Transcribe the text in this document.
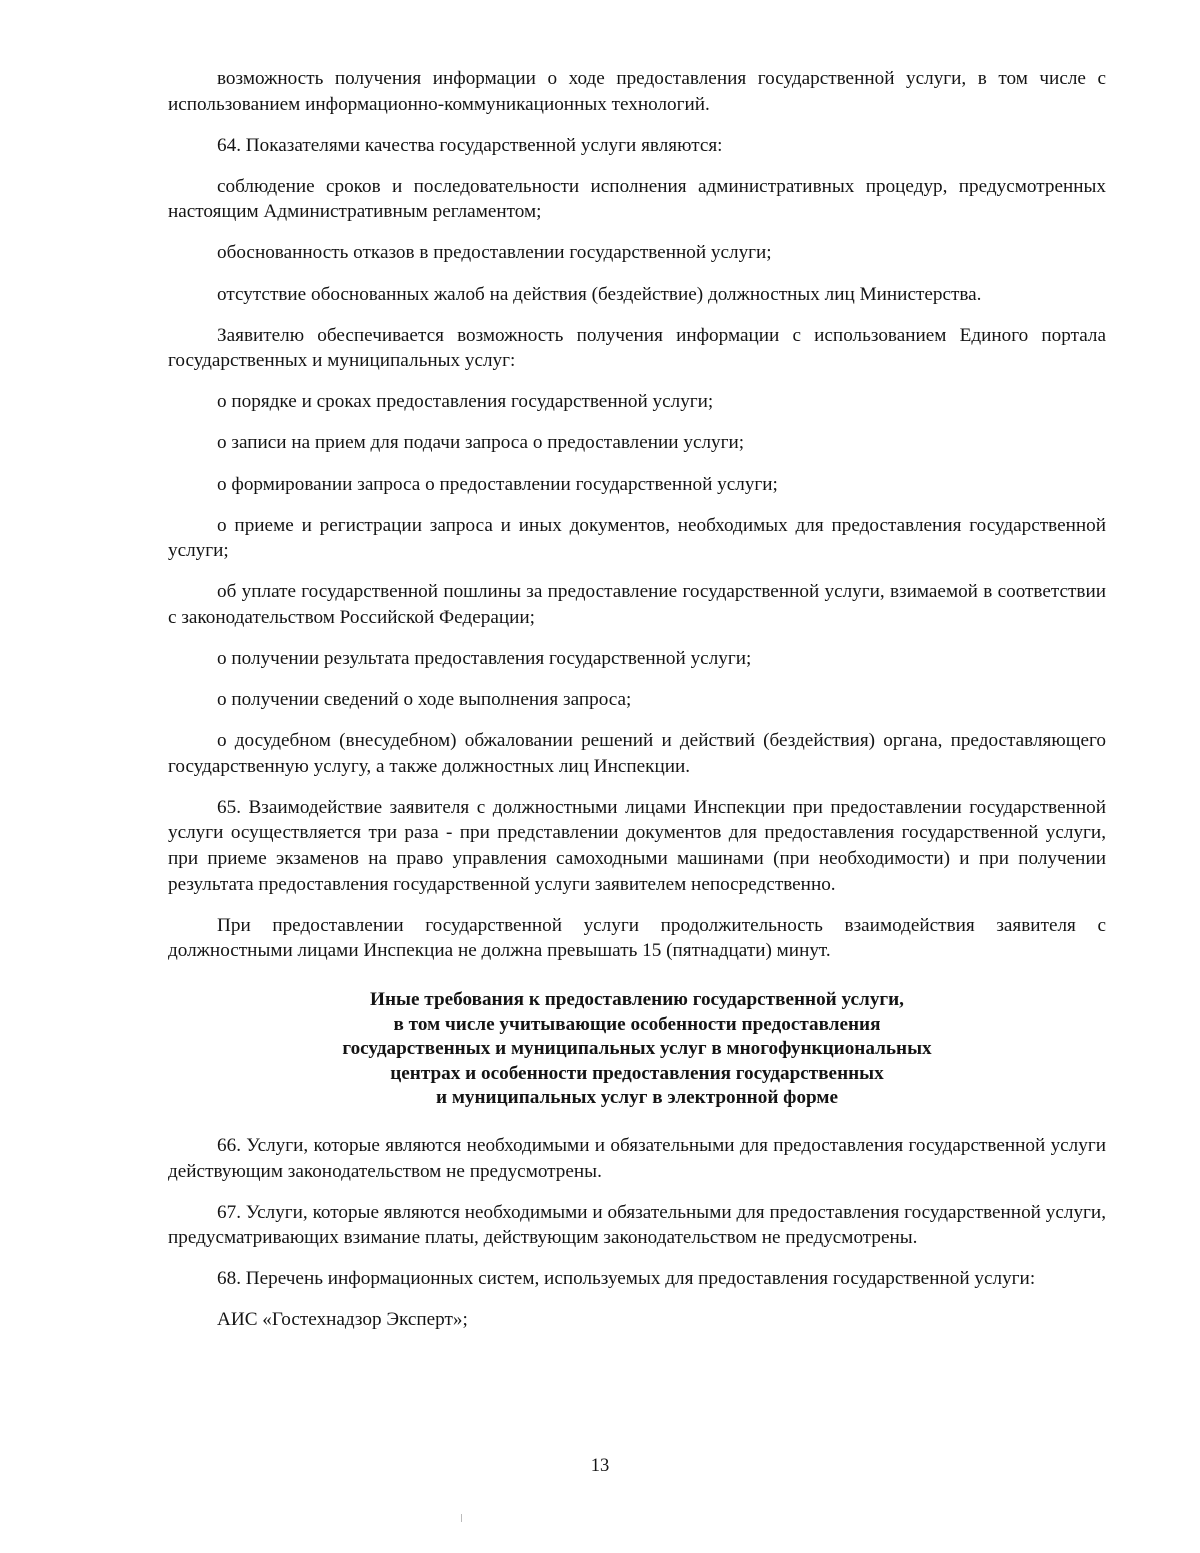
возможность получения информации о ходе предоставления государственной услуги, в том числе с использованием информационно-коммуникационных технологий.

64. Показателями качества государственной услуги являются:

соблюдение сроков и последовательности исполнения административных процедур, предусмотренных настоящим Административным регламентом;

обоснованность отказов в предоставлении государственной услуги;

отсутствие обоснованных жалоб на действия (бездействие) должностных лиц Министерства.

Заявителю обеспечивается возможность получения информации с использованием Единого портала государственных и муниципальных услуг:

о порядке и сроках предоставления государственной услуги;

о записи на прием для подачи запроса о предоставлении услуги;

о формировании запроса о предоставлении государственной услуги;

о приеме и регистрации запроса и иных документов, необходимых для предоставления государственной услуги;

об уплате государственной пошлины за предоставление государственной услуги, взимаемой в соответствии с законодательством Российской Федерации;

о получении результата предоставления государственной услуги;

о получении сведений о ходе выполнения запроса;

о досудебном (внесудебном) обжаловании решений и действий (бездействия) органа, предоставляющего государственную услугу, а также должностных лиц Инспекции.

65. Взаимодействие заявителя с должностными лицами Инспекции при предоставлении государственной услуги осуществляется три раза - при представлении документов для предоставления государственной услуги, при приеме экзаменов на право управления самоходными машинами (при необходимости) и при получении результата предоставления государственной услуги заявителем непосредственно.

При предоставлении государственной услуги продолжительность взаимодействия заявителя с должностными лицами Инспекциа не должна превышать 15 (пятнадцати) минут.

Иные требования к предоставлению государственной услуги,
в том числе учитывающие особенности предоставления
государственных и муниципальных услуг в многофункциональных
центрах и особенности предоставления государственных
и муниципальных услуг в электронной форме

66. Услуги, которые являются необходимыми и обязательными для предоставления государственной услуги действующим законодательством не предусмотрены.

67. Услуги, которые являются необходимыми и обязательными для предоставления государственной услуги, предусматривающих взимание платы, действующим законодательством не предусмотрены.

68. Перечень информационных систем, используемых для предоставления государственной услуги:

АИС «Гостехнадзор Эксперт»;

13
